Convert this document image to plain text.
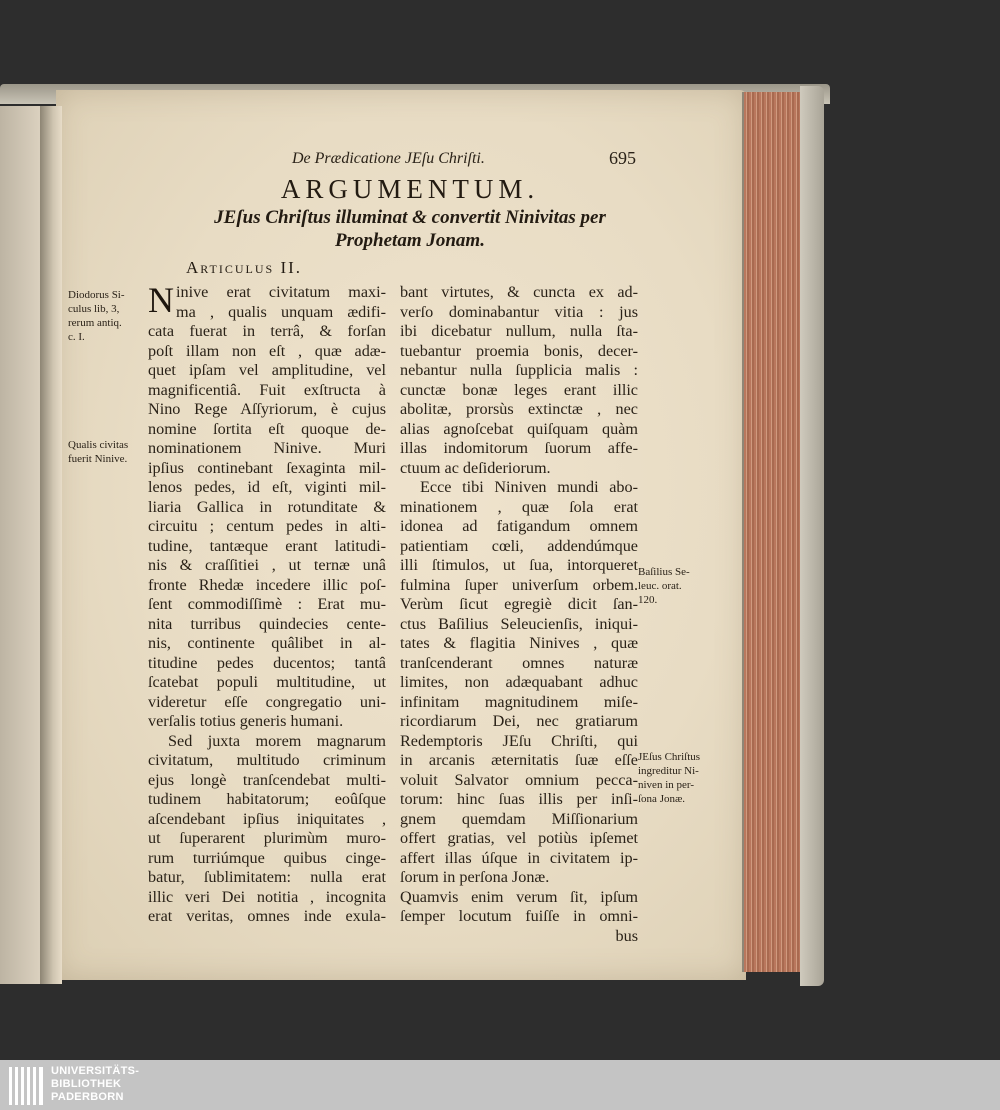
De Prædicatione JEſu Chriſti.	695
ARGUMENTUM.
JEſus Chriſtus illuminat & convertit Ninivitas per
Prophetam Jonam.
Articulus II.
N inive erat civitatum maxi-
ma , qualis unquam ædifi-
cata fuerat in terrâ, & forſan
poſt illam non eſt , quæ adæ-
quet ipſam vel amplitudine, vel
magnificentiâ. Fuit exſtructa à
Nino Rege Aſſyriorum, è cujus
nomine ſortita eſt quoque de-
nominationem Ninive. Muri
ipſius continebant ſexaginta mil-
lenos pedes, id eſt, viginti mil-
liaria Gallica in rotunditate &
circuitu ; centum pedes in alti-
tudine, tantæque erant latitudi-
nis & craſſitiei , ut ternæ unâ
fronte Rhedæ incedere illic poſ-
ſent commodiſſimè : Erat mu-
nita turribus quindecies cente-
nis, continente quâlibet in al-
titudine pedes ducentos; tantâ
ſcatebat populi multitudine, ut
videretur eſſe congregatio uni-
verſalis totius generis humani.
Sed juxta morem magnarum
civitatum, multitudo criminum
ejus longè tranſcendebat multi-
tudinem habitatorum; eoûſque
aſcendebant ipſius iniquitates ,
ut ſuperarent plurimùm muro-
rum turriúmque quibus cinge-
batur, ſublimitatem: nulla erat
illic veri Dei notitia , incognita
erat veritas, omnes inde exula-
bant virtutes, & cuncta ex ad-
verſo dominabantur vitia : jus
ibi dicebatur nullum, nulla ſta-
tuebantur proemia bonis, decer-
nebantur nulla ſupplicia malis :
cunctæ bonæ leges erant illic
abolitæ, prorsùs extinctæ , nec
alias agnoſcebat quiſquam quàm
illas indomitorum ſuorum affe-
ctuum ac deſideriorum.
Ecce tibi Niniven mundi abo-
minationem , quæ ſola erat
idonea ad fatigandum omnem
patientiam cœli, addendúmque
illi ſtimulos, ut ſua, intorqueret
fulmina ſuper univerſum orbem.
Verùm ſicut egregiè dicit ſan-
ctus Baſilius Seleucienſis, iniqui-
tates & flagitia Ninives , quæ
tranſcenderant omnes naturæ
limites, non adæquabant adhuc
infinitam magnitudinem miſe-
ricordiarum Dei, nec gratiarum
Redemptoris JEſu Chriſti, qui
in arcanis æternitatis ſuæ eſſe
voluit Salvator omnium pecca-
torum: hinc ſuas illis per inſi-
gnem quemdam Miſſionarium
offert gratias, vel potiùs ipſemet
affert illas úſque in civitatem ip-
ſorum in perſona Jonæ.
Quamvis enim verum ſit, ipſum
ſemper locutum fuiſſe in omni-
bus
Diodorus Si-
culus lib, 3,
rerum antiq.
c. I.
Qualis civitas
fuerit Ninive.
Baſilius Se-
leuc. orat.
120.
JEſus Chriſtus
ingreditur Ni-
niven in per-
ſona Jonæ.
UNIVERSITÄTS-
BIBLIOTHEK
PADERBORN
